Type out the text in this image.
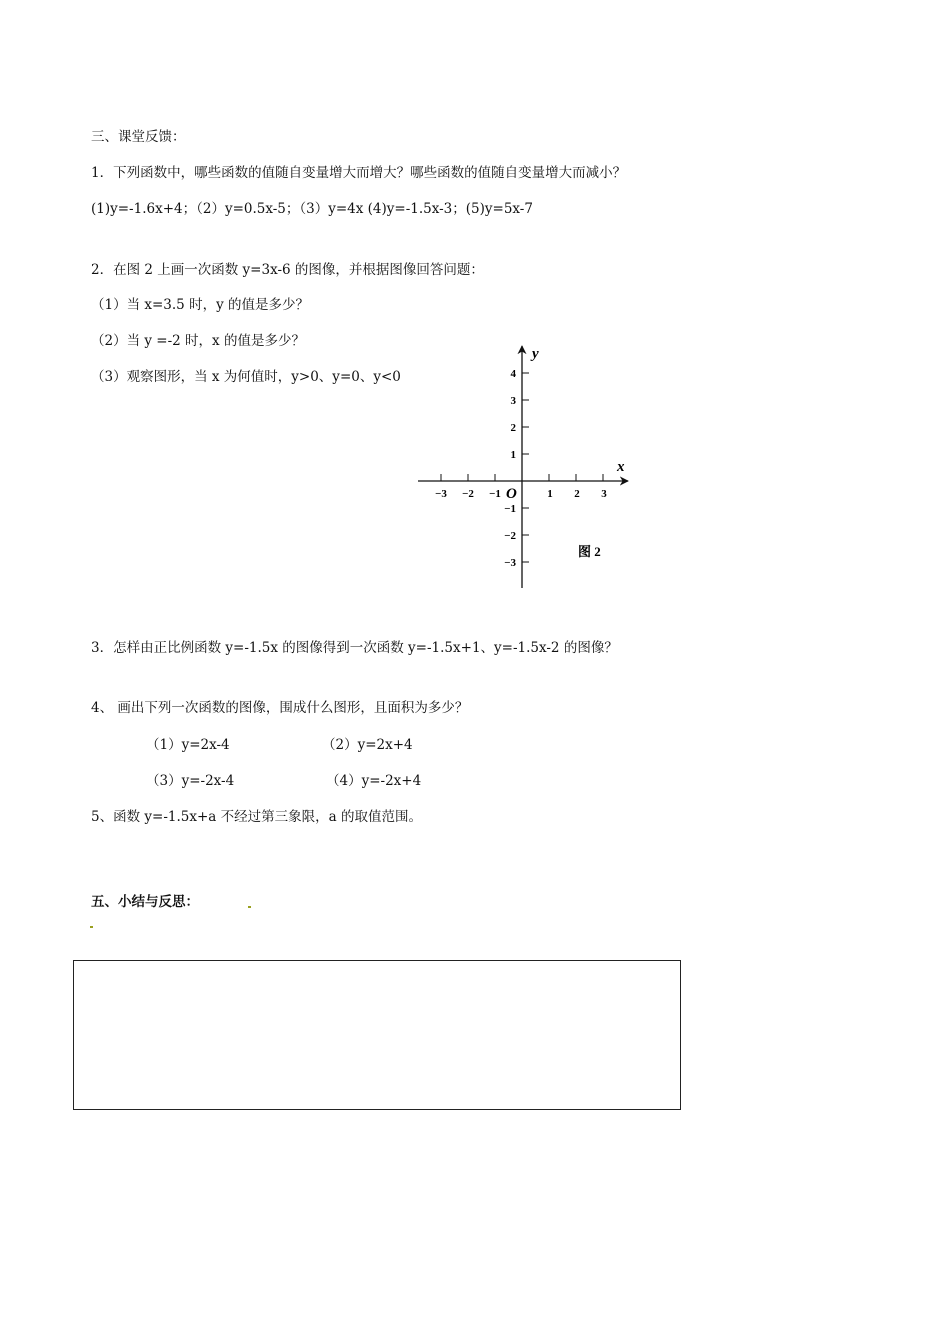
三、课堂反馈：
1．下列函数中，哪些函数的值随自变量增大而增大？哪些函数的值随自变量增大而减小？
(1)y=-1.6x+4；（2）y=0.5x-5；（3）y=4x (4)y=-1.5x-3；(5)y=5x-7
2．在图 2 上画一次函数 y=3x-6 的图像，并根据图像回答问题：
（1）当 x=3.5 时，y 的值是多少？
（2）当 y =-2 时，x 的值是多少？
（3）观察图形，当 x 为何值时，y>0、y=0、y<0
y
x
O
−3 −2 −1	1 2 3
4
3
2
1
−1
−2
−3
图 2
3．怎样由正比例函数 y=-1.5x 的图像得到一次函数 y=-1.5x+1、y=-1.5x-2 的图像？
4、 画出下列一次函数的图像，围成什么图形，且面积为多少？
（1）y=2x-4	（2）y=2x+4
（3）y=-2x-4	（4）y=-2x+4
5、函数 y=-1.5x+a 不经过第三象限，a 的取值范围。
五、小结与反思：
